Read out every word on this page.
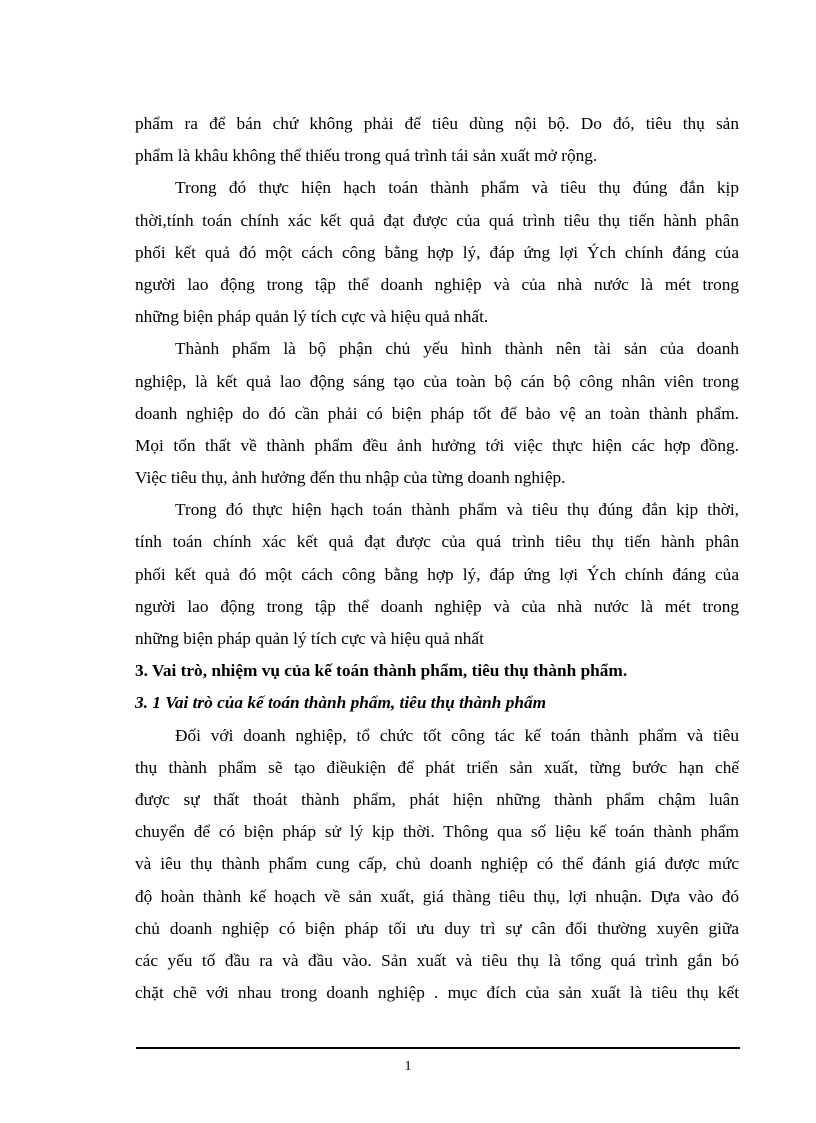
phẩm ra để bán chứ không phải để tiêu dùng nội bộ. Do đó, tiêu thụ sản
phẩm là khâu không thể thiếu trong quá trình tái sản xuất mở rộng.
Trong đó thực hiện hạch toán thành phẩm và tiêu thụ đúng đắn kịp
thời,tính toán chính xác kết quả đạt được của quá trình tiêu thụ tiến hành phân
phối kết quả đó một cách công bằng hợp lý, đáp ứng lợi Ých chính đáng của
người lao động trong tập thể doanh nghiệp và của nhà nước là mét trong
những biện pháp quản lý tích cực và hiệu quả nhất.
Thành phẩm là bộ phận chủ yếu hình thành nên tài sản của doanh
nghiệp, là kết quả lao động sáng tạo của toàn bộ cán bộ công nhân viên trong
doanh nghiệp do đó cần phải có biện pháp tốt để bảo vệ an toàn thành phẩm.
Mọi tổn thất về thành phẩm đều ảnh hưởng tới việc thực hiện các hợp đồng.
Việc tiêu thụ, ảnh hưởng đến thu nhập của từng doanh nghiệp.
Trong đó thực hiện hạch toán thành phẩm và tiêu thụ đúng đắn kịp thời,
tính toán chính xác kết quả đạt được của quá trình tiêu thụ tiến hành phân
phối kết quả đó một cách công bằng hợp lý, đáp ứng lợi Ých chính đáng của
người lao động trong tập thể doanh nghiệp và của nhà nước là mét trong
những biện pháp quản lý tích cực và hiệu quả nhất
3. Vai trò, nhiệm vụ của kế toán thành phẩm, tiêu thụ thành phẩm.
3. 1 Vai trò của kế toán thành phẩm, tiêu thụ thành phẩm
Đối với doanh nghiệp, tổ chức tốt công tác kế toán thành phẩm và tiêu
thụ thành phẩm sẽ tạo điềukiện để phát triển sản xuất, từng bước hạn chế
được sự thất thoát thành phẩm, phát hiện những thành phẩm chậm luân
chuyển để có biện pháp sử lý kịp thời. Thông qua số liệu kế toán thành phẩm
và iêu thụ thành phẩm cung cấp, chủ doanh nghiệp có thể đánh giá được mức
độ hoàn thành kế hoạch về sản xuất, giá thàng tiêu thụ, lợi nhuận. Dựa vào đó
chủ doanh nghiệp có biện pháp tối ưu duy trì sự cân đối thường xuyên giữa
các yếu tố đầu ra và đầu vào. Sản xuất và tiêu thụ là tổng quá trình gắn bó
chặt chẽ với nhau trong doanh nghiệp . mục đích của sản xuất là tiêu thụ kết
1
